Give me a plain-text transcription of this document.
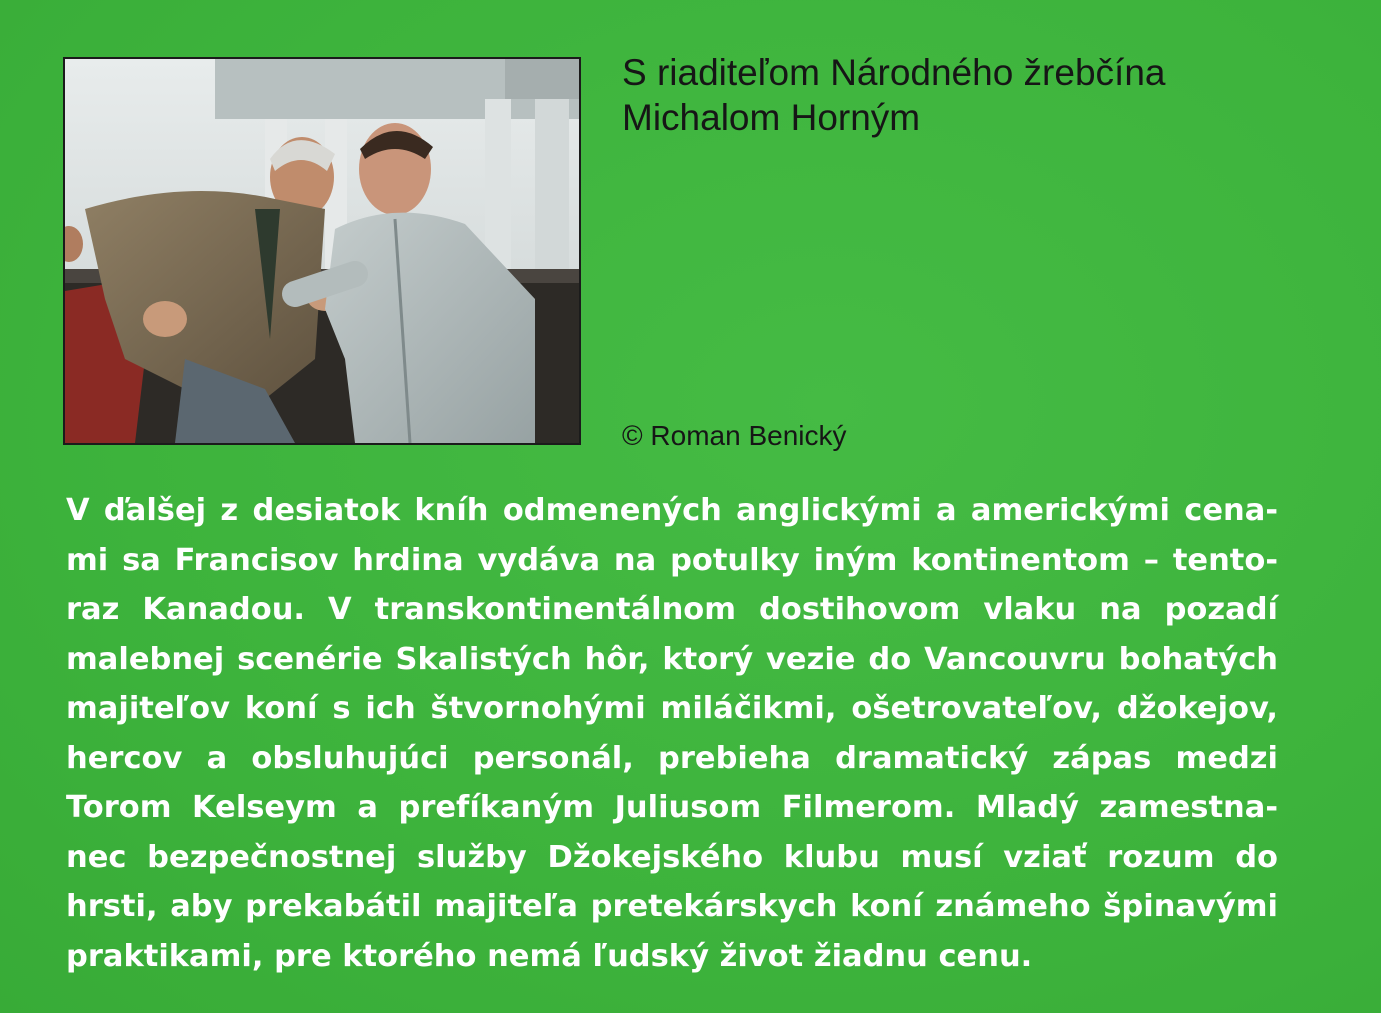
S riaditeľom Národného žrebčína
Michalom Horným
© Roman Benický
V ďalšej z desiatok kníh odmenených anglickými a americkými cena-
mi sa Francisov hrdina vydáva na potulky iným kontinentom – tento-
raz Kanadou. V transkontinentálnom dostihovom vlaku na pozadí
malebnej scenérie Skalistých hôr, ktorý vezie do Vancouvru bohatých
majiteľov koní s ich štvornohými miláčikmi, ošetrovateľov, džokejov,
hercov a obsluhujúci personál, prebieha dramatický zápas medzi
Torom Kelseym a prefíkaným Juliusom Filmerom. Mladý zamestna-
nec bezpečnostnej služby Džokejského klubu musí vziať rozum do
hrsti, aby prekabátil majiteľa pretekárskych koní známeho špinavými
praktikami, pre ktorého nemá ľudský život žiadnu cenu.
